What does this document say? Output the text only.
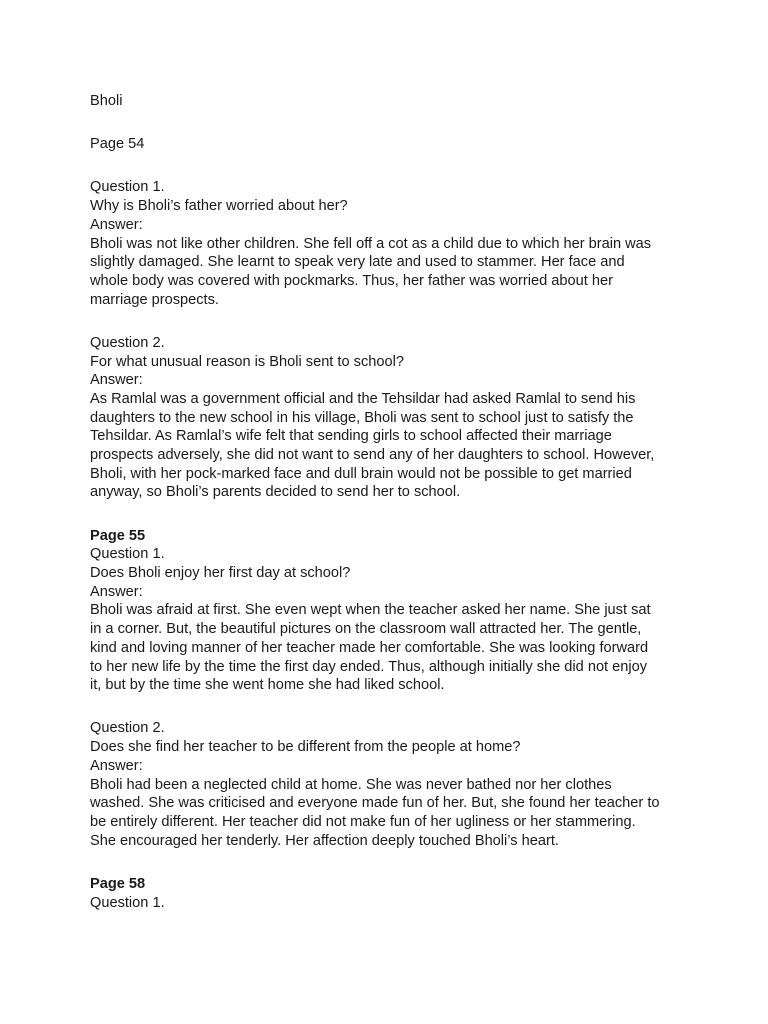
Bholi
Page 54
Question 1.
Why is Bholi’s father worried about her?
Answer:
Bholi was not like other children. She fell off a cot as a child due to which her brain was
slightly damaged. She learnt to speak very late and used to stammer. Her face and
whole body was covered with pockmarks. Thus, her father was worried about her
marriage prospects.
Question 2.
For what unusual reason is Bholi sent to school?
Answer:
As Ramlal was a government official and the Tehsildar had asked Ramlal to send his
daughters to the new school in his village, Bholi was sent to school just to satisfy the
Tehsildar. As Ramlal’s wife felt that sending girls to school affected their marriage
prospects adversely, she did not want to send any of her daughters to school. However,
Bholi, with her pock-marked face and dull brain would not be possible to get married
anyway, so Bholi’s parents decided to send her to school.
Page 55
Question 1.
Does Bholi enjoy her first day at school?
Answer:
Bholi was afraid at first. She even wept when the teacher asked her name. She just sat
in a corner. But, the beautiful pictures on the classroom wall attracted her. The gentle,
kind and loving manner of her teacher made her comfortable. She was looking forward
to her new life by the time the first day ended. Thus, although initially she did not enjoy
it, but by the time she went home she had liked school.
Question 2.
Does she find her teacher to be different from the people at home?
Answer:
Bholi had been a neglected child at home. She was never bathed nor her clothes
washed. She was criticised and everyone made fun of her. But, she found her teacher to
be entirely different. Her teacher did not make fun of her ugliness or her stammering.
She encouraged her tenderly. Her affection deeply touched Bholi’s heart.
Page 58
Question 1.
